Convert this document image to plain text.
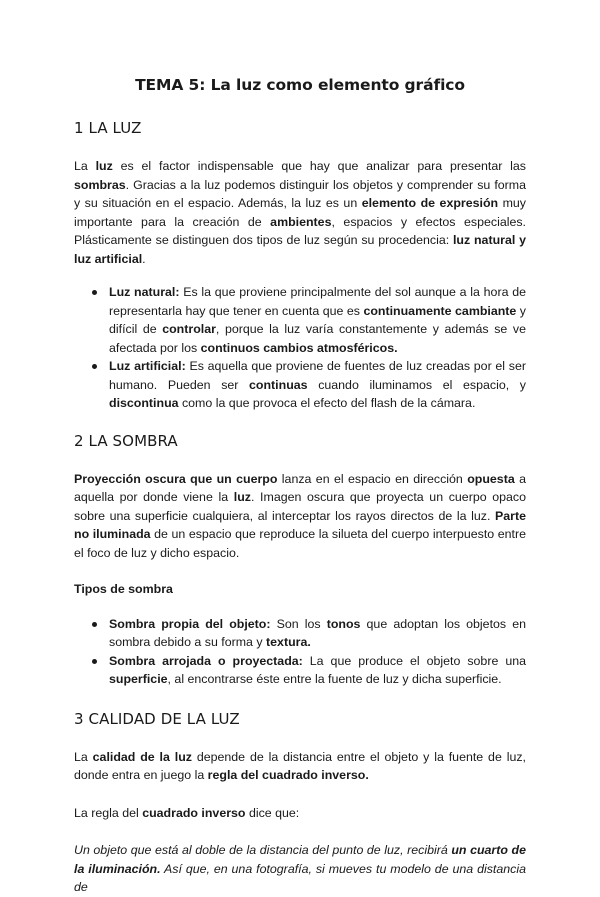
TEMA 5: La luz como elemento gráfico
1 LA LUZ

La luz es el factor indispensable que hay que analizar para presentar las sombras. Gracias a la luz podemos distinguir los objetos y comprender su forma y su situación en el espacio. Además, la luz es un elemento de expresión muy importante para la creación de ambientes, espacios y efectos especiales. Plásticamente se distinguen dos tipos de luz según su procedencia: luz natural y luz artificial.

Luz natural: Es la que proviene principalmente del sol aunque a la hora de representarla hay que tener en cuenta que es continuamente cambiante y difícil de controlar, porque la luz varía constantemente y además se ve afectada por los continuos cambios atmosféricos.
Luz artificial: Es aquella que proviene de fuentes de luz creadas por el ser humano. Pueden ser continuas cuando iluminamos el espacio, y discontinua como la que provoca el efecto del flash de la cámara.
2 LA SOMBRA

Proyección oscura que un cuerpo lanza en el espacio en dirección opuesta a aquella por donde viene la luz. Imagen oscura que proyecta un cuerpo opaco sobre una superficie cualquiera, al interceptar los rayos directos de la luz. Parte no iluminada de un espacio que reproduce la silueta del cuerpo interpuesto entre el foco de luz y dicho espacio.

Tipos de sombra

Sombra propia del objeto: Son los tonos que adoptan los objetos en sombra debido a su forma y textura.
Sombra arrojada o proyectada: La que produce el objeto sobre una superficie, al encontrarse éste entre la fuente de luz y dicha superficie.
3 CALIDAD DE LA LUZ

La calidad de la luz depende de la distancia entre el objeto y la fuente de luz, donde entra en juego la regla del cuadrado inverso.

La regla del cuadrado inverso dice que:

Un objeto que está al doble de la distancia del punto de luz, recibirá un cuarto de la iluminación. Así que, en una fotografía, si mueves tu modelo de una distancia de
